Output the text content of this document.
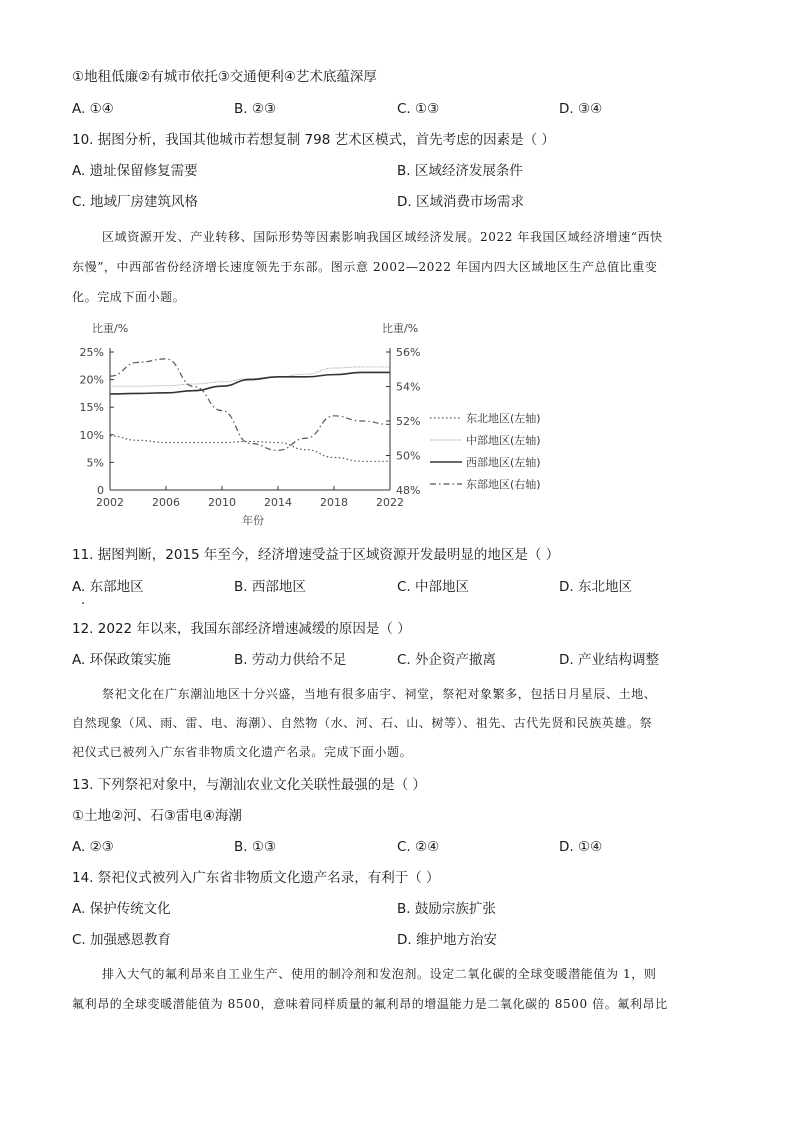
①地租低廉②有城市依托③交通便利④艺术底蕴深厚
A. ①④	B. ②③	C. ①③	D. ③④
10. 据图分析，我国其他城市若想复制 798 艺术区模式，首先考虑的因素是（ ）
A. 遗址保留修复需要	B. 区域经济发展条件
C. 地域厂房建筑风格	D. 区域消费市场需求
区域资源开发、产业转移、国际形势等因素影响我国区域经济发展。2022 年我国区域经济增速“西快
东慢”，中西部省份经济增长速度领先于东部。图示意 2002—2022 年国内四大区域地区生产总值比重变
化。完成下面小题。
比重/%	比重/%
年份
0
5%
10%
15%
20%
25%
48%
50%
52%
54%
56%
2002	2006	2010	2014	2018	2022
东北地区(左轴)
中部地区(左轴)
西部地区(左轴)
东部地区(右轴)
11. 据图判断，2015 年至今，经济增速受益于区域资源开发最明显的地区是（ ）
A. 东部地区	B. 西部地区	C. 中部地区	D. 东北地区
12. 2022 年以来，我国东部经济增速减缓的原因是（ ）
A. 环保政策实施	B. 劳动力供给不足	C. 外企资产撤离	D. 产业结构调整
祭祀文化在广东潮汕地区十分兴盛，当地有很多庙宇、祠堂，祭祀对象繁多，包括日月星辰、土地、
自然现象（风、雨、雷、电、海潮）、自然物（水、河、石、山、树等）、祖先、古代先贤和民族英雄。祭
祀仪式已被列入广东省非物质文化遗产名录。完成下面小题。
13. 下列祭祀对象中，与潮汕农业文化关联性最强的是（ ）
①土地②河、石③雷电④海潮
A. ②③	B. ①③	C. ②④	D. ①④
14. 祭祀仪式被列入广东省非物质文化遗产名录，有利于（ ）
A. 保护传统文化	B. 鼓励宗族扩张
C. 加强感恩教育	D. 维护地方治安
排入大气的氟利昂来自工业生产、使用的制冷剂和发泡剂。设定二氧化碳的全球变暖潜能值为 1，则
氟利昂的全球变暖潜能值为 8500，意味着同样质量的氟利昂的增温能力是二氧化碳的 8500 倍。氟利昂比
